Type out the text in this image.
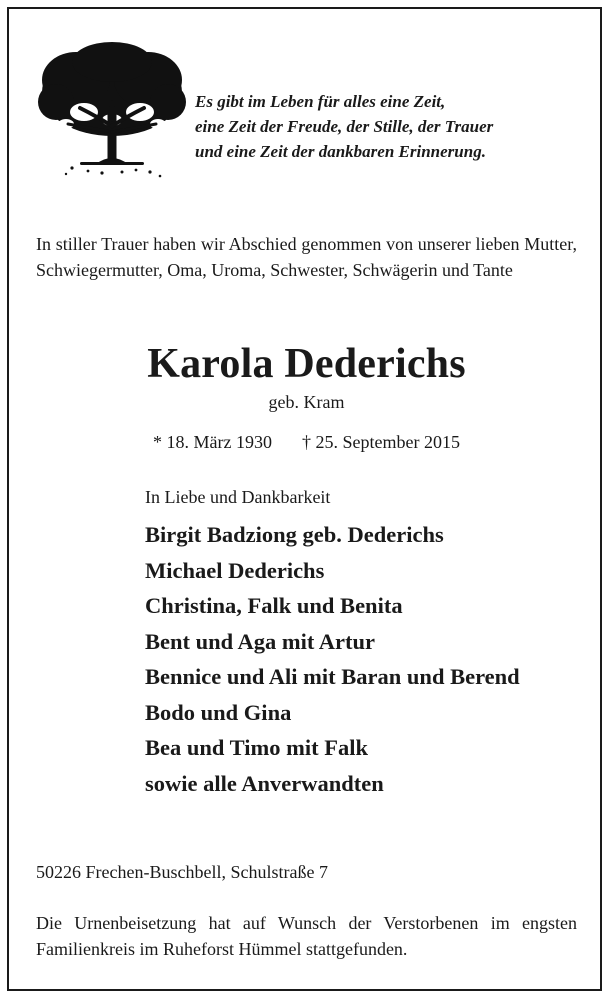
Es gibt im Leben für alles eine Zeit,
eine Zeit der Freude, der Stille, der Trauer
und eine Zeit der dankbaren Erinnerung.
In stiller Trauer haben wir Abschied genommen von unserer lieben Mutter, Schwiegermutter, Oma, Uroma, Schwester, Schwägerin und Tante
Karola Dederichs
geb. Kram
* 18. März 1930 † 25. September 2015
In Liebe und Dankbarkeit
Birgit Badziong geb. Dederichs
Michael Dederichs
Christina, Falk und Benita
Bent und Aga mit Artur
Bennice und Ali mit Baran und Berend
Bodo und Gina
Bea und Timo mit Falk
sowie alle Anverwandten
50226 Frechen-Buschbell, Schulstraße 7
Die Urnenbeisetzung hat auf Wunsch der Verstorbenen im engsten Familienkreis im Ruheforst Hümmel stattgefunden.
